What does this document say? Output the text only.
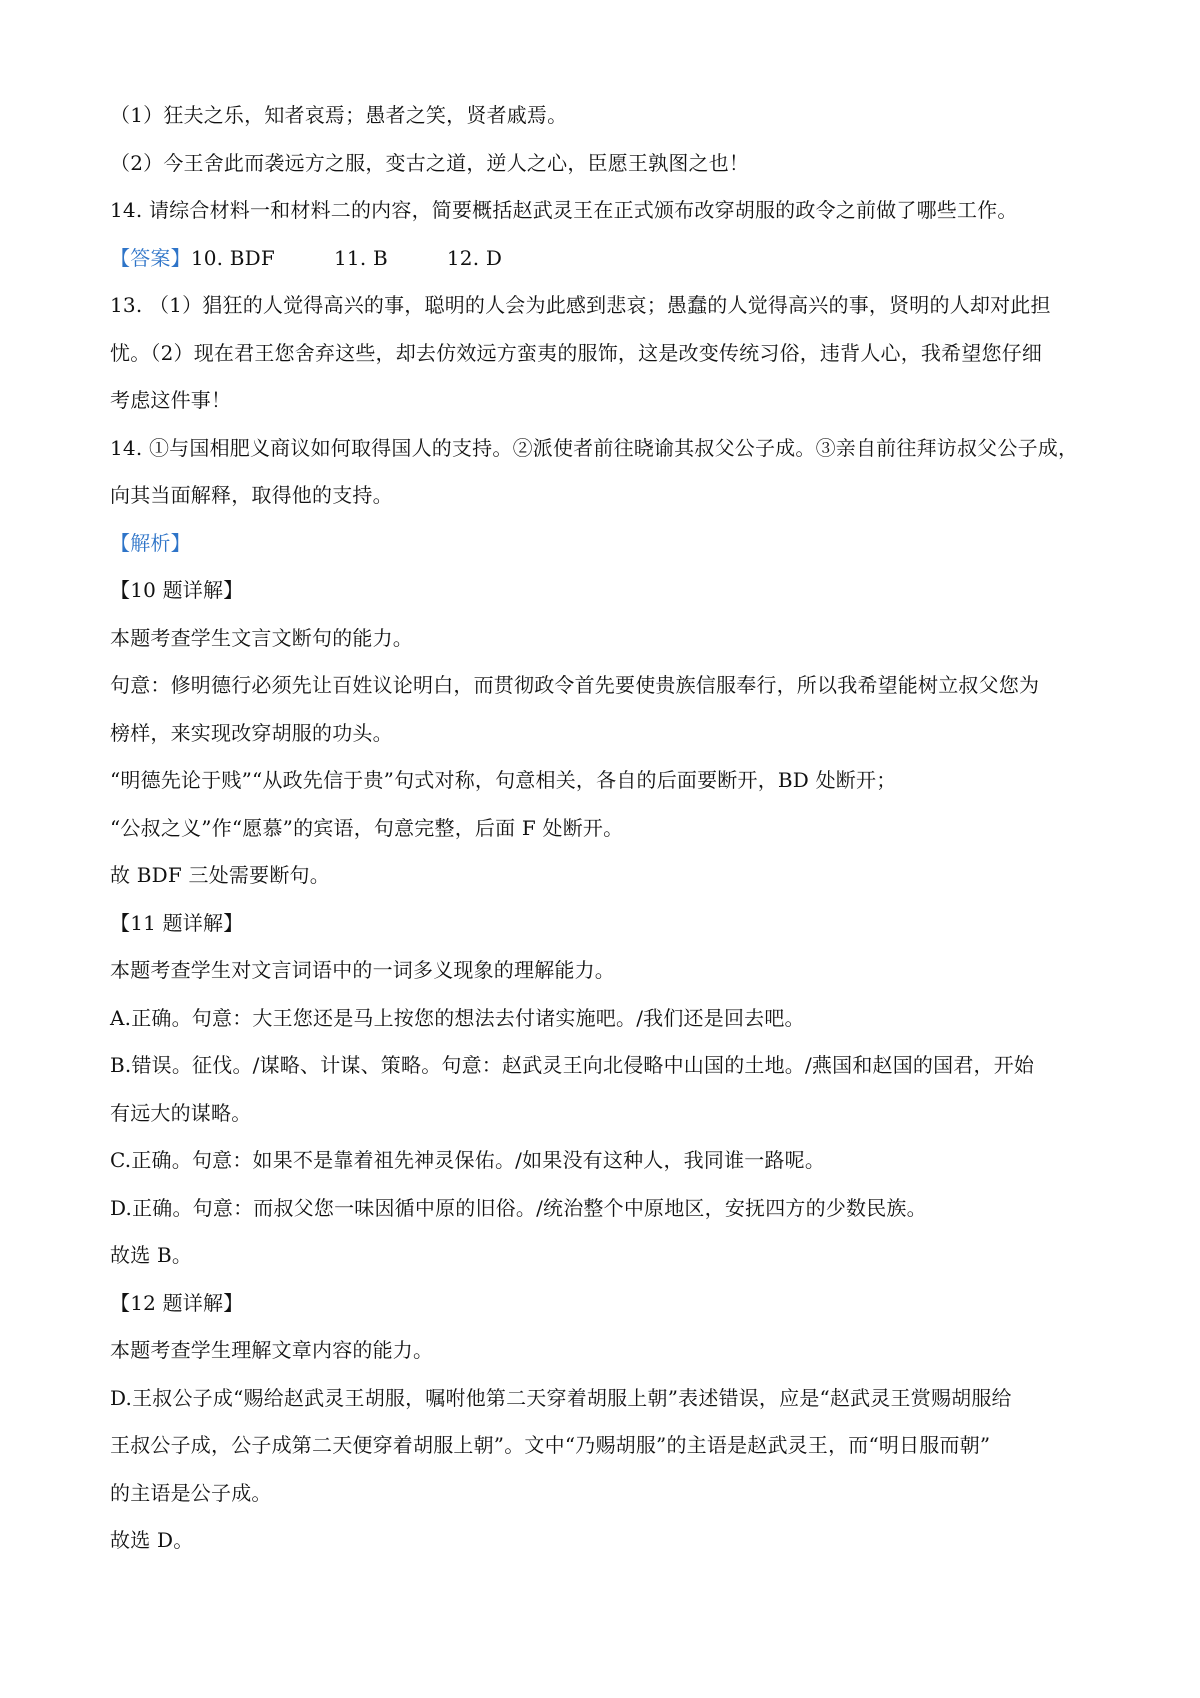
（1）狂夫之乐，知者哀焉；愚者之笑，贤者戚焉。
（2）今王舍此而袭远方之服，变古之道，逆人之心，臣愿王孰图之也！
14. 请综合材料一和材料二的内容，简要概括赵武灵王在正式颁布改穿胡服的政令之前做了哪些工作。
【答案】10. BDF         11. B         12. D
13. （1）猖狂的人觉得高兴的事，聪明的人会为此感到悲哀；愚蠢的人觉得高兴的事，贤明的人却对此担
忧。（2）现在君王您舍弃这些，却去仿效远方蛮夷的服饰，这是改变传统习俗，违背人心，我希望您仔细
考虑这件事！
14. ①与国相肥义商议如何取得国人的支持。②派使者前往晓谕其叔父公子成。③亲自前往拜访叔父公子成，
向其当面解释，取得他的支持。
【解析】
【10 题详解】
本题考查学生文言文断句的能力。
句意：修明德行必须先让百姓议论明白，而贯彻政令首先要使贵族信服奉行，所以我希望能树立叔父您为
榜样，来实现改穿胡服的功头。
“明德先论于贱”“从政先信于贵”句式对称，句意相关，各自的后面要断开，BD 处断开；
“公叔之义”作“愿慕”的宾语，句意完整，后面 F 处断开。
故 BDF 三处需要断句。
【11 题详解】
本题考查学生对文言词语中的一词多义现象的理解能力。
A.正确。句意：大王您还是马上按您的想法去付诸实施吧。/我们还是回去吧。
B.错误。征伐。/谋略、计谋、策略。句意：赵武灵王向北侵略中山国的土地。/燕国和赵国的国君，开始
有远大的谋略。
C.正确。句意：如果不是靠着祖先神灵保佑。/如果没有这种人，我同谁一路呢。
D.正确。句意：而叔父您一味因循中原的旧俗。/统治整个中原地区，安抚四方的少数民族。
故选 B。
【12 题详解】
本题考查学生理解文章内容的能力。
D.王叔公子成“赐给赵武灵王胡服，嘱咐他第二天穿着胡服上朝”表述错误，应是“赵武灵王赏赐胡服给
王叔公子成，公子成第二天便穿着胡服上朝”。文中“乃赐胡服”的主语是赵武灵王，而“明日服而朝”
的主语是公子成。
故选 D。
